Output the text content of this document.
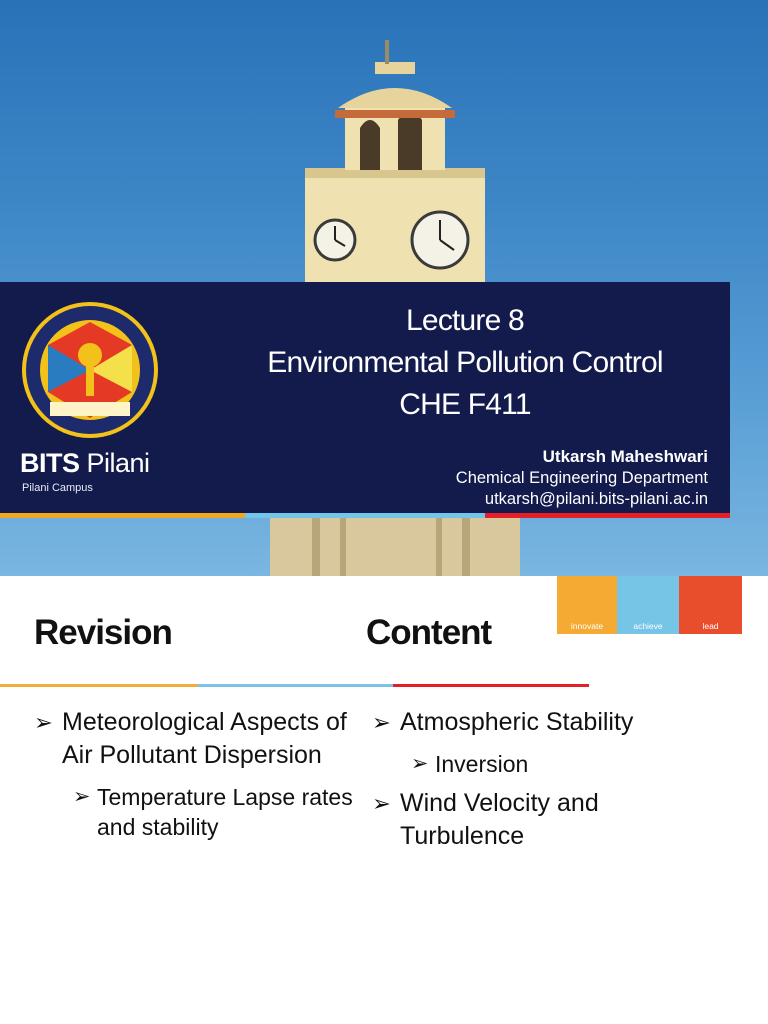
BITS Pilani
Pilani Campus
Lecture 8
Environmental Pollution Control
CHE F411
Utkarsh Maheshwari
Chemical Engineering Department
utkarsh@pilani.bits-pilani.ac.in
Revision	Content	innovate	achieve	lead
➢ Meteorological Aspects of Air Pollutant Dispersion
➢ Temperature Lapse rates and stability
➢ Atmospheric Stability
➢ Inversion
➢ Wind Velocity and Turbulence
